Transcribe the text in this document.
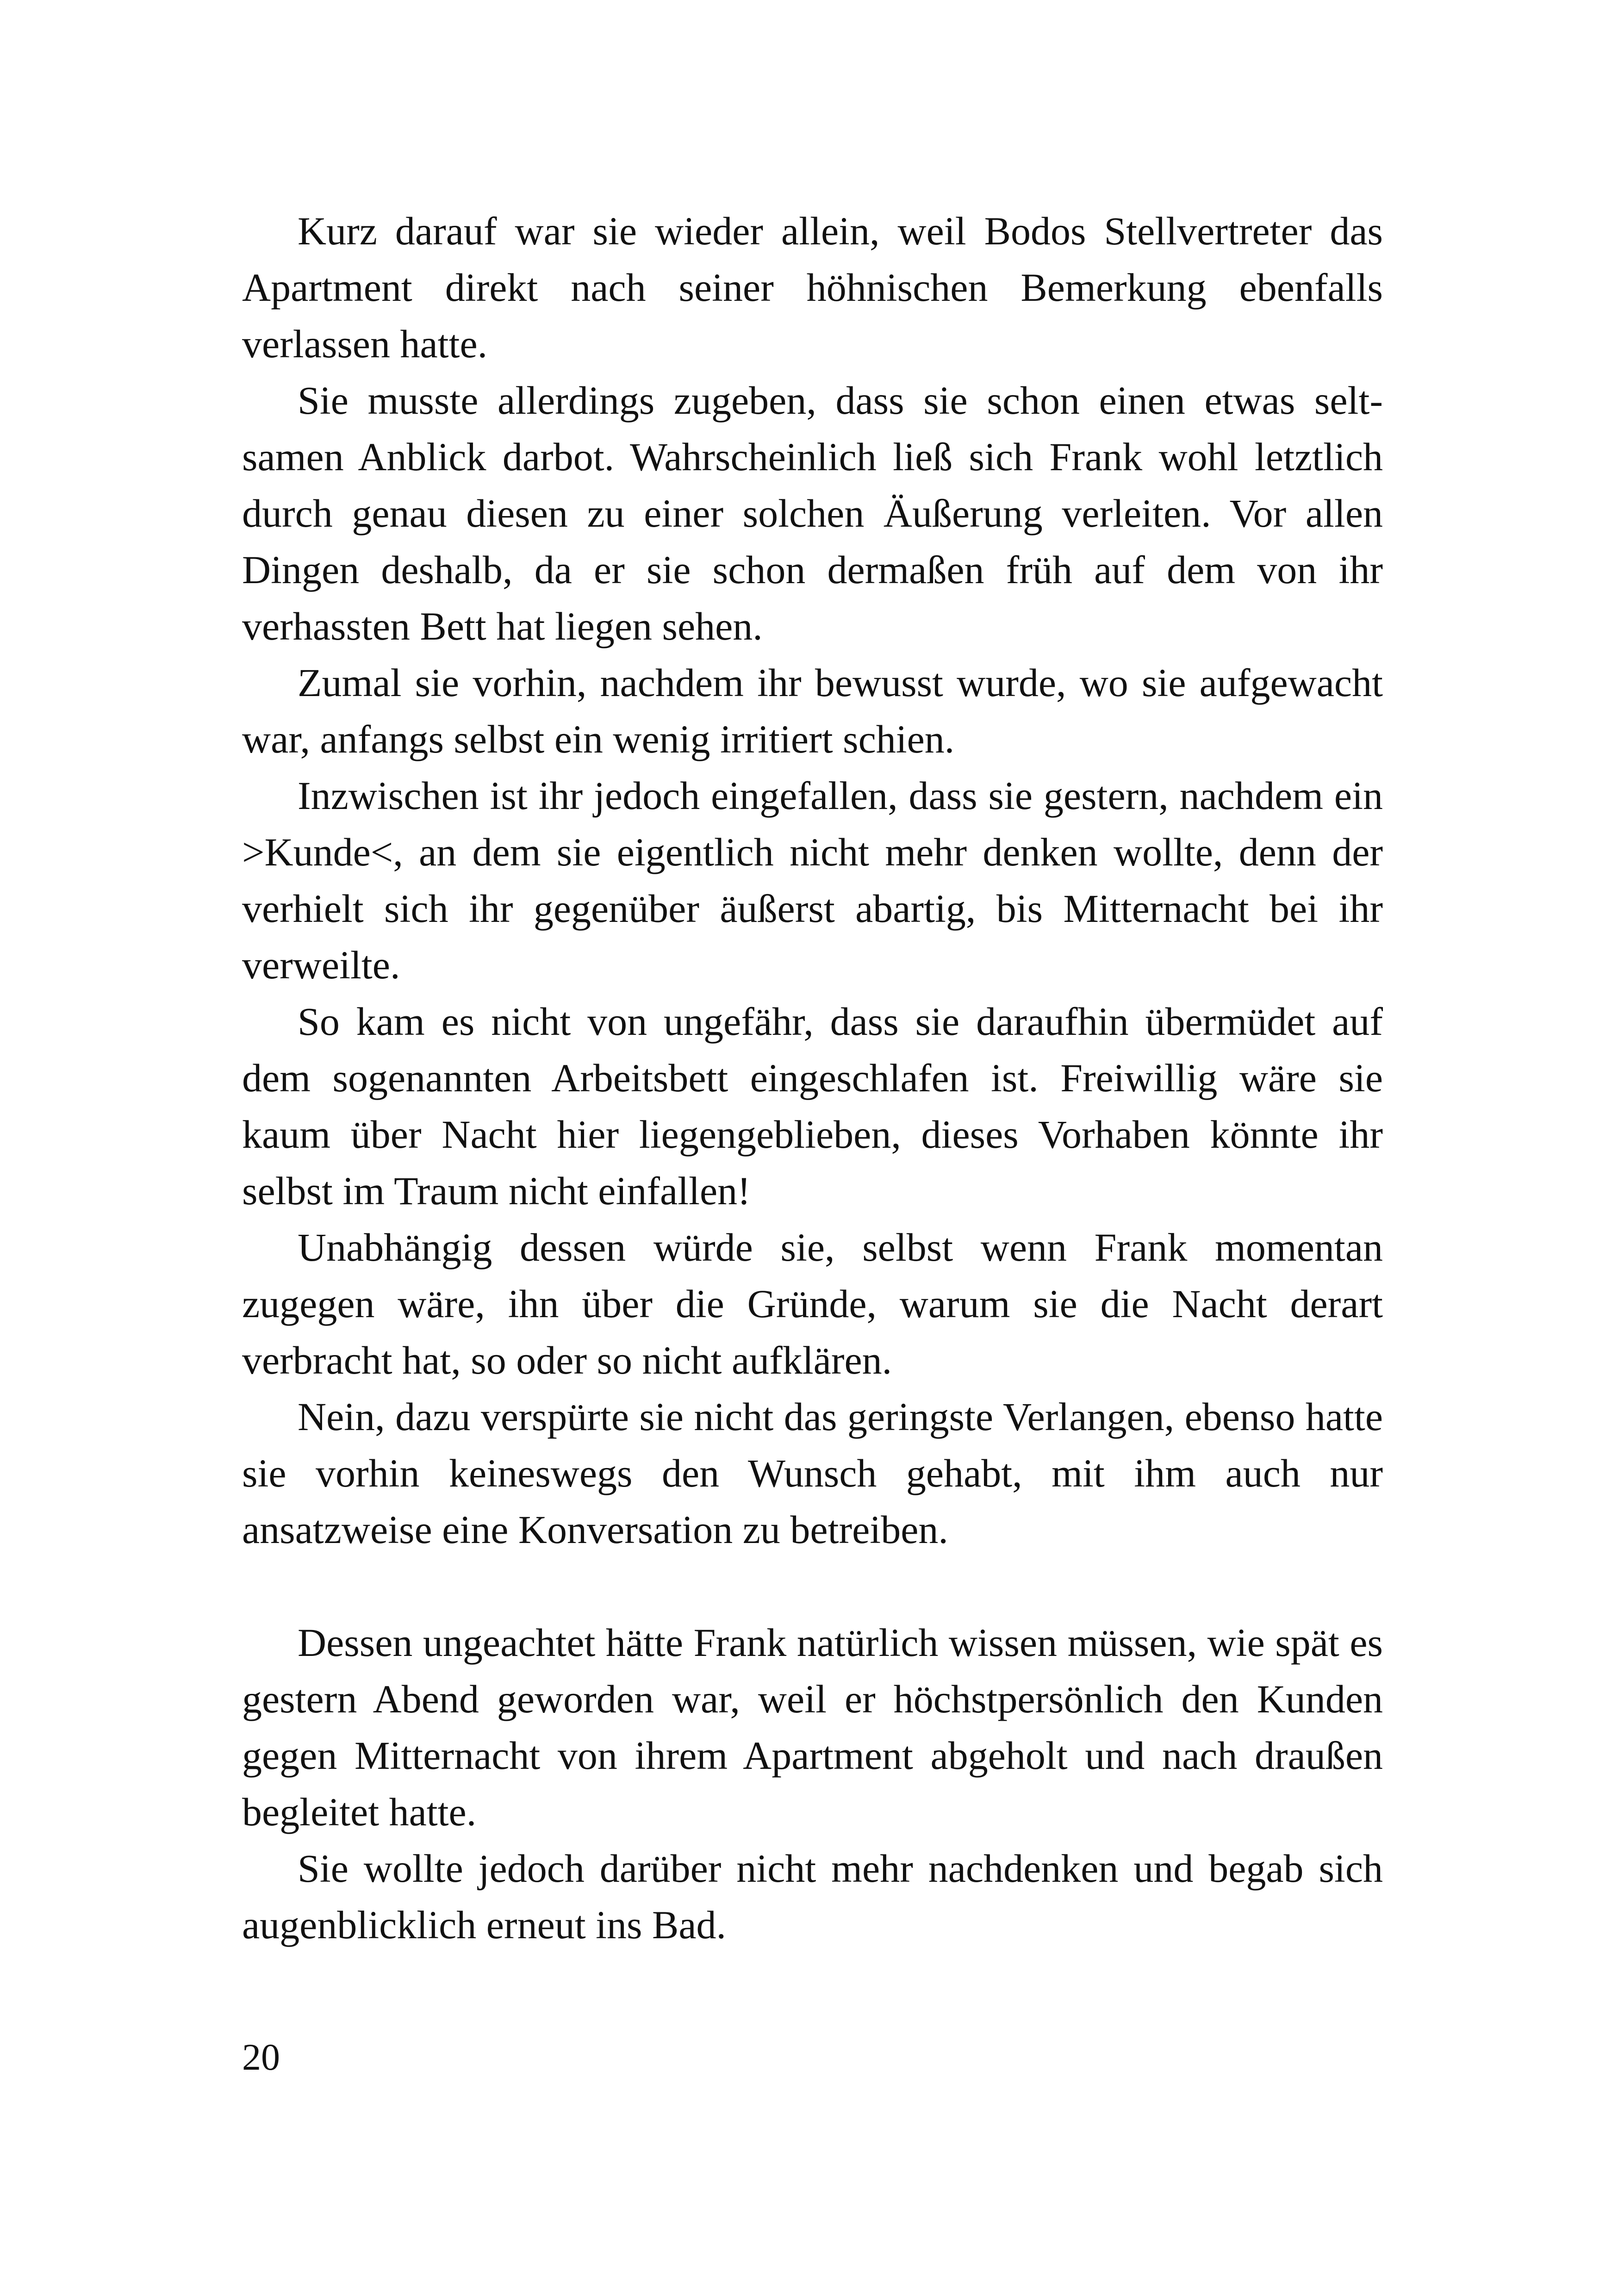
Kurz darauf war sie wieder allein, weil Bodos Stellvertreter das Apartment direkt nach seiner höhnischen Bemerkung ebenfalls verlassen hatte.

Sie musste allerdings zugeben, dass sie schon einen etwas seltsamen Anblick darbot. Wahrscheinlich ließ sich Frank wohl letztlich durch genau diesen zu einer solchen Äußerung verleiten. Vor allen Dingen deshalb, da er sie schon dermaßen früh auf dem von ihr verhassten Bett hat liegen sehen.

Zumal sie vorhin, nachdem ihr bewusst wurde, wo sie aufgewacht war, anfangs selbst ein wenig irritiert schien.

Inzwischen ist ihr jedoch eingefallen, dass sie gestern, nachdem ein >Kunde<, an dem sie eigentlich nicht mehr denken wollte, denn der verhielt sich ihr gegenüber äußerst abartig, bis Mitternacht bei ihr verweilte.

So kam es nicht von ungefähr, dass sie daraufhin übermüdet auf dem sogenannten Arbeitsbett eingeschlafen ist. Freiwillig wäre sie kaum über Nacht hier liegengeblieben, dieses Vorhaben könnte ihr selbst im Traum nicht einfallen!

Unabhängig dessen würde sie, selbst wenn Frank momentan zugegen wäre, ihn über die Gründe, warum sie die Nacht derart verbracht hat, so oder so nicht aufklären.

Nein, dazu verspürte sie nicht das geringste Verlangen, ebenso hatte sie vorhin keineswegs den Wunsch gehabt, mit ihm auch nur ansatzweise eine Konversation zu betreiben.

Dessen ungeachtet hätte Frank natürlich wissen müssen, wie spät es gestern Abend geworden war, weil er höchstpersönlich den Kunden gegen Mitternacht von ihrem Apartment abgeholt und nach draußen begleitet hatte.

Sie wollte jedoch darüber nicht mehr nachdenken und begab sich augenblicklich erneut ins Bad.

20
